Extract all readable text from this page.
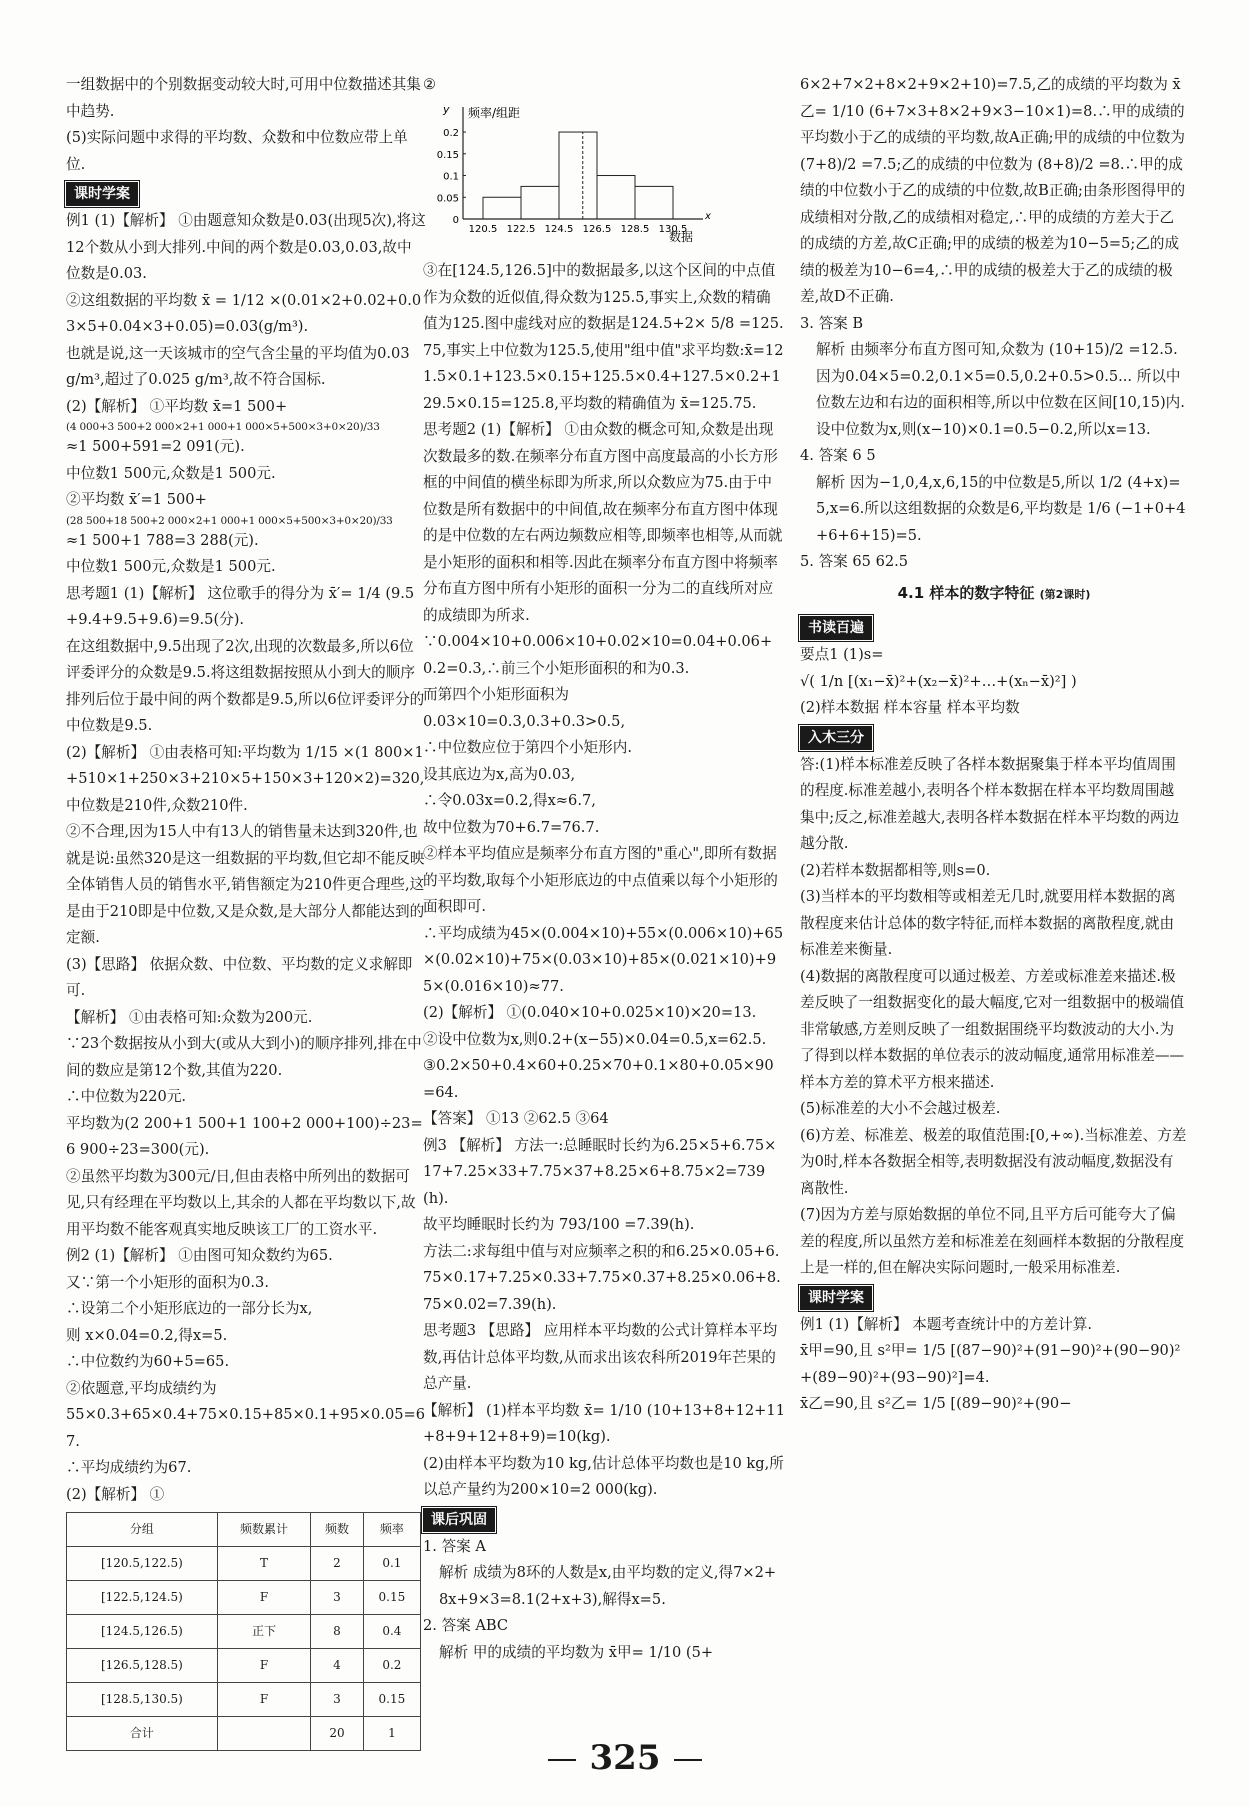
一组数据中的个别数据变动较大时,可用中位数描述其集中趋势.

(5)实际问题中求得的平均数、众数和中位数应带上单位.

课时学案

例1 (1)【解析】 ①由题意知众数是0.03(出现5次),将这12个数从小到大排列.中间的两个数是0.03,0.03,故中位数是0.03.

②这组数据的平均数 x̄ = 1/12 ×(0.01×2+0.02+0.03×5+0.04×3+0.05)=0.03(g/m³).

也就是说,这一天该城市的空气含尘量的平均值为0.03 g/m³,超过了0.025 g/m³,故不符合国标.

(2)【解析】 ①平均数 x̄=1 500+

(4 000+3 500+2 000×2+1 000+1 000×5+500×3+0×20)/33

≈1 500+591=2 091(元).

中位数1 500元,众数是1 500元.

②平均数 x̄′=1 500+

(28 500+18 500+2 000×2+1 000+1 000×5+500×3+0×20)/33

≈1 500+1 788=3 288(元).

中位数1 500元,众数是1 500元.

思考题1 (1)【解析】 这位歌手的得分为 x̄′= 1/4 (9.5+9.4+9.5+9.6)=9.5(分).

在这组数据中,9.5出现了2次,出现的次数最多,所以6位评委评分的众数是9.5.将这组数据按照从小到大的顺序排列后位于最中间的两个数都是9.5,所以6位评委评分的中位数是9.5.

(2)【解析】 ①由表格可知:平均数为 1/15 ×(1 800×1+510×1+250×3+210×5+150×3+120×2)=320,中位数是210件,众数210件.

②不合理,因为15人中有13人的销售量未达到320件,也就是说:虽然320是这一组数据的平均数,但它却不能反映全体销售人员的销售水平,销售额定为210件更合理些,这是由于210即是中位数,又是众数,是大部分人都能达到的定额.

(3)【思路】 依据众数、中位数、平均数的定义求解即可.

【解析】 ①由表格可知:众数为200元.

∵23个数据按从小到大(或从大到小)的顺序排列,排在中间的数应是第12个数,其值为220.

∴中位数为220元.

平均数为(2 200+1 500+1 100+2 000+100)÷23=6 900÷23=300(元).

②虽然平均数为300元/日,但由表格中所列出的数据可见,只有经理在平均数以上,其余的人都在平均数以下,故用平均数不能客观真实地反映该工厂的工资水平.

例2 (1)【解析】 ①由图可知众数约为65.

又∵第一个小矩形的面积为0.3.

∴设第二个小矩形底边的一部分长为x,

则 x×0.04=0.2,得x=5.

∴中位数约为60+5=65.

②依题意,平均成绩约为

55×0.3+65×0.4+75×0.15+85×0.1+95×0.05=67.

∴平均成绩约为67.

(2)【解析】 ①

分组	频数累计	频数	频率
[120.5,122.5)	T	2	0.1
[122.5,124.5)	F	3	0.15
[124.5,126.5)	正下	8	0.4
[126.5,128.5)	F	4	0.2
[128.5,130.5)	F	3	0.15
合计		20	1

②

y 频率/组距
x
数据
0
0.05
0.1
0.15
0.2
120.5 122.5 124.5 126.5 128.5 130.5

③在[124.5,126.5]中的数据最多,以这个区间的中点值作为众数的近似值,得众数为125.5,事实上,众数的精确值为125.图中虚线对应的数据是124.5+2× 5/8 =125.75,事实上中位数为125.5,使用"组中值"求平均数:x̄=121.5×0.1+123.5×0.15+125.5×0.4+127.5×0.2+129.5×0.15=125.8,平均数的精确值为 x̄=125.75.

思考题2 (1)【解析】 ①由众数的概念可知,众数是出现次数最多的数.在频率分布直方图中高度最高的小长方形框的中间值的横坐标即为所求,所以众数应为75.由于中位数是所有数据中的中间值,故在频率分布直方图中体现的是中位数的左右两边频数应相等,即频率也相等,从而就是小矩形的面积和相等.因此在频率分布直方图中将频率分布直方图中所有小矩形的面积一分为二的直线所对应的成绩即为所求.

∵0.004×10+0.006×10+0.02×10=0.04+0.06+0.2=0.3,∴前三个小矩形面积的和为0.3.

而第四个小矩形面积为

0.03×10=0.3,0.3+0.3>0.5,

∴中位数应位于第四个小矩形内.

设其底边为x,高为0.03,

∴令0.03x=0.2,得x≈6.7,

故中位数为70+6.7=76.7.

②样本平均值应是频率分布直方图的"重心",即所有数据的平均数,取每个小矩形底边的中点值乘以每个小矩形的面积即可.

∴平均成绩为45×(0.004×10)+55×(0.006×10)+65×(0.02×10)+75×(0.03×10)+85×(0.021×10)+95×(0.016×10)≈77.

(2)【解析】 ①(0.040×10+0.025×10)×20=13.

②设中位数为x,则0.2+(x−55)×0.04=0.5,x=62.5.

③0.2×50+0.4×60+0.25×70+0.1×80+0.05×90=64.

【答案】 ①13 ②62.5 ③64

例3 【解析】 方法一:总睡眠时长约为6.25×5+6.75×17+7.25×33+7.75×37+8.25×6+8.75×2=739(h).

故平均睡眠时长约为 793/100 =7.39(h).

方法二:求每组中值与对应频率之积的和6.25×0.05+6.75×0.17+7.25×0.33+7.75×0.37+8.25×0.06+8.75×0.02=7.39(h).

思考题3 【思路】 应用样本平均数的公式计算样本平均数,再估计总体平均数,从而求出该农科所2019年芒果的总产量.

【解析】 (1)样本平均数 x̄= 1/10 (10+13+8+12+11+8+9+12+8+9)=10(kg).

(2)由样本平均数为10 kg,估计总体平均数也是10 kg,所以总产量约为200×10=2 000(kg).

课后巩固

1. 答案 A

解析 成绩为8环的人数是x,由平均数的定义,得7×2+8x+9×3=8.1(2+x+3),解得x=5.

2. 答案 ABC

解析 甲的成绩的平均数为 x̄甲= 1/10 (5+

6×2+7×2+8×2+9×2+10)=7.5,乙的成绩的平均数为 x̄乙= 1/10 (6+7×3+8×2+9×3−10×1)=8.∴甲的成绩的平均数小于乙的成绩的平均数,故A正确;甲的成绩的中位数为 (7+8)/2 =7.5;乙的成绩的中位数为 (8+8)/2 =8.∴甲的成绩的中位数小于乙的成绩的中位数,故B正确;由条形图得甲的成绩相对分散,乙的成绩相对稳定,∴甲的成绩的方差大于乙的成绩的方差,故C正确;甲的成绩的极差为10−5=5;乙的成绩的极差为10−6=4,∴甲的成绩的极差大于乙的成绩的极差,故D不正确.

3. 答案 B

解析 由频率分布直方图可知,众数为 (10+15)/2 =12.5.因为0.04×5=0.2,0.1×5=0.5,0.2+0.5>0.5... 所以中位数左边和右边的面积相等,所以中位数在区间[10,15)内.设中位数为x,则(x−10)×0.1=0.5−0.2,所以x=13.

4. 答案 6 5

解析 因为−1,0,4,x,6,15的中位数是5,所以 1/2 (4+x)=5,x=6.所以这组数据的众数是6,平均数是 1/6 (−1+0+4+6+6+15)=5.

5. 答案 65 62.5

4.1 样本的数字特征 (第2课时)
书读百遍

要点1 (1)s=

√( 1/n [(x₁−x̄)²+(x₂−x̄)²+…+(xₙ−x̄)²] )

(2)样本数据 样本容量 样本平均数

入木三分

答:(1)样本标准差反映了各样本数据聚集于样本平均值周围的程度.标准差越小,表明各个样本数据在样本平均数周围越集中;反之,标准差越大,表明各样本数据在样本平均数的两边越分散.

(2)若样本数据都相等,则s=0.

(3)当样本的平均数相等或相差无几时,就要用样本数据的离散程度来估计总体的数字特征,而样本数据的离散程度,就由标准差来衡量.

(4)数据的离散程度可以通过极差、方差或标准差来描述.极差反映了一组数据变化的最大幅度,它对一组数据中的极端值非常敏感,方差则反映了一组数据围绕平均数波动的大小.为了得到以样本数据的单位表示的波动幅度,通常用标准差——样本方差的算术平方根来描述.

(5)标准差的大小不会越过极差.

(6)方差、标准差、极差的取值范围:[0,+∞).当标准差、方差为0时,样本各数据全相等,表明数据没有波动幅度,数据没有离散性.

(7)因为方差与原始数据的单位不同,且平方后可能夸大了偏差的程度,所以虽然方差和标准差在刻画样本数据的分散程度上是一样的,但在解决实际问题时,一般采用标准差.

课时学案

例1 (1)【解析】 本题考查统计中的方差计算.

x̄甲=90,且 s²甲= 1/5 [(87−90)²+(91−90)²+(90−90)²+(89−90)²+(93−90)²]=4.

x̄乙=90,且 s²乙= 1/5 [(89−90)²+(90−

325
